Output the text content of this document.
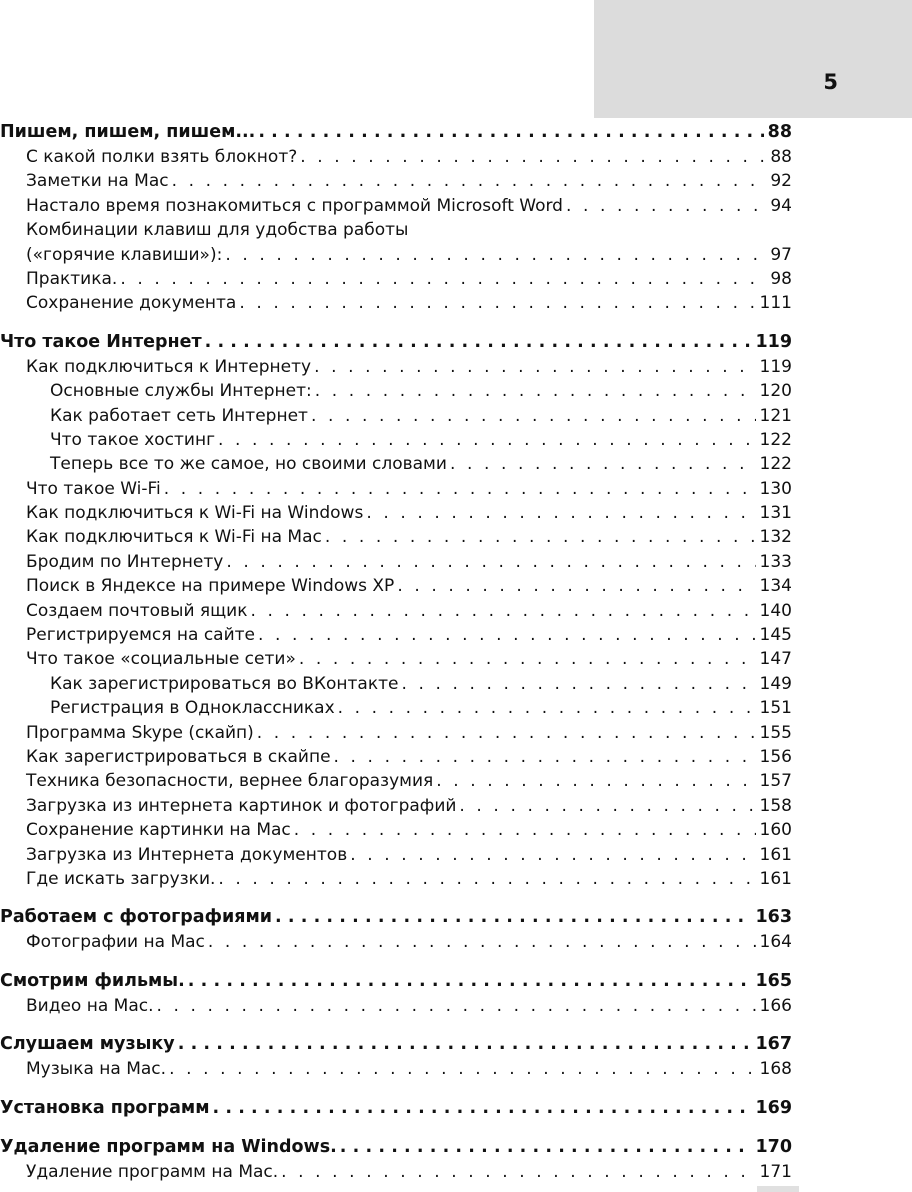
5
Пишем, пишем, пишем... .....	88
С какой полки взять блокнот? . . .	88
Заметки на Mac . . .	92
Настало время познакомиться с программой Microsoft Word . . .	94
Комбинации клавиш для удобства работы
(«горячие клавиши»): . . .	97
Практика. . . .	98
Сохранение документа . . .	111
Что такое Интернет .....	119
Как подключиться к Интернету . . .	119
Основные службы Интернет: . . .	120
Как работает сеть Интернет . . .	121
Что такое хостинг . . .	122
Теперь все то же самое, но своими словами . . .	122
Что такое Wi-Fi . . .	130
Как подключиться к Wi-Fi на Windows . . .	131
Как подключиться к Wi-Fi на Mac . . .	132
Бродим по Интернету . . .	133
Поиск в Яндексе на примере Windows XP . . .	134
Создаем почтовый ящик . . .	140
Регистрируемся на сайте . . .	145
Что такое «социальные сети» . . .	147
Как зарегистрироваться во ВКонтакте . . .	149
Регистрация в Одноклассниках . . .	151
Программа Skype (скайп) . . .	155
Как зарегистрироваться в скайпе . . .	156
Техника безопасности, вернее благоразумия . . .	157
Загрузка из интернета картинок и фотографий . . .	158
Сохранение картинки на Mac . . .	160
Загрузка из Интернета документов . . .	161
Где искать загрузки. . . .	161
Работаем с фотографиями .....	163
Фотографии на Mac . . .	164
Смотрим фильмы. .....	165
Видео на Mac. . . .	166
Слушаем музыку .....	167
Музыка на Mac. . . .	168
Установка программ .....	169
Удаление программ на Windows. .....	170
Удаление программ на Mac. . . .	171
